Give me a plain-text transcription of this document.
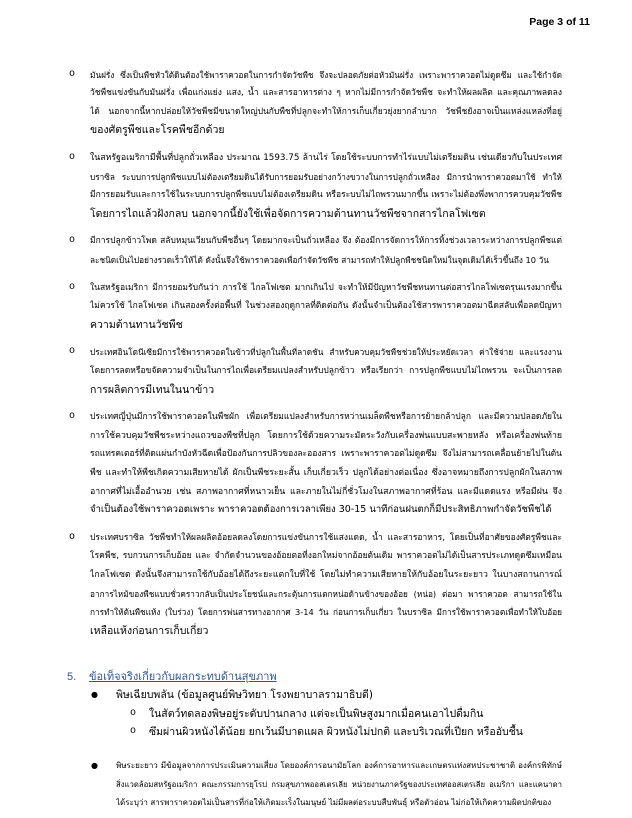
Page 3 of 11
o มันฝรั่ง ซึ่งเป็นพืชหัวใต้ดินต้องใช้พาราควอตในการกำจัดวัชพืช จึงจะปลอดภัยต่อหัวมันฝรั่ง เพราะพาราควอตไม่ดูดซึม และใช้กำจัด
วัชพืชแข่งขันกับมันฝรั่ง เพื่อแก่งแย่ง แสง, น้ำ และสารอาหารต่าง ๆ หากไม่มีการกำจัดวัชพืช จะทำให้ผลผลิต และคุณภาพลดลง
ได้ นอกจากนี้หากปล่อยให้วัชพืชมีขนาดใหญ่ปนกับพืชที่ปลูกจะทำให้การเก็บเกี่ยวยุ่งยากลำบาก วัชพืชยังอาจเป็นแหล่งแหล่งที่อยู่
ของศัตรูพืชและโรคพืชอีกด้วย
o ในสหรัฐอเมริกามีพื้นที่ปลูกถั่วเหลือง ประมาณ 1593.75 ล้านไร่ โดยใช้ระบบการทำไร่แบบไม่เตรียมดิน เช่นเดียวกับในประเทศ
บราซิล ระบบการปลูกพืชแบบไม่ต้องเตรียมดินได้รับการยอมรับอย่างกว้างขวางในการปลูกถั่วเหลือง มีการนำพาราควอตมาใช้ ทำให้
มีการยอมรับและการใช้ในระบบการปลูกพืชแบบไม่ต้องเตรียมดิน หรือระบบไม่ไถพรวนมากขึ้น เพราะไม่ต้องพึ่งพาการควบคุมวัชพืช
โดยการไถแล้วฝังกลบ นอกจากนี้ยังใช้เพื่อจัดการความต้านทานวัชพืชจากสารไกลโฟเซต
o มีการปลูกข้าวโพด สลับหมุนเวียนกับพืชอื่นๆ โดยมากจะเป็นถั่วเหลือง จึง ต้องมีการจัดการให้การทิ้งช่วงเวลาระหว่างการปลูกพืชแต่
ละชนิดเป็นไปอย่างรวดเร็วให้ได้ ดังนั้นจึงใช้พาราควอตเพื่อกำจัดวัชพืช สามารถทำให้ปลูกพืชชนิดใหม่ในจุดเดิมได้เร็วขึ้นถึง 10 วัน
o ในสหรัฐอเมริกา มีการยอมรับกันว่า การใช้ ไกลโฟเซต มากเกินไป จะทำให้มีปัญหาวัชพืชทนทานต่อสารไกลโฟเซตรุนแรงมากขึ้น
ไม่ควรใช้ ไกลโฟเซต เกินสองครั้งต่อพื้นที่ ในช่วงสองฤดูกาลที่ติดต่อกัน ดังนั้นจำเป็นต้องใช้สารพาราควอตมาฉีดสลับเพื่อลดปัญหา
ความต้านทานวัชพืช
o ประเทศอินโดนีเซียมีการใช้พาราควอตในข้าวที่ปลูกในพื้นที่ลาดชัน สำหรับควบคุมวัชพืชช่วยให้ประหยัดเวลา ค่าใช้จ่าย และแรงงาน
โดยการลดหรือขจัดความจำเป็นในการไถเพื่อเตรียมแปลงสำหรับปลูกข้าว หรือเรียกว่า การปลูกพืชแบบไม่ไถพรวน จะเป็นการลด
การผลิตการมีเทนในนาข้าว
o ประเทศญี่ปุ่นมีการใช้พาราควอตในพืชผัก เพื่อเตรียมแปลงสำหรับการหว่านเมล็ดพืชหรือการย้ายกล้าปลูก และมีความปลอดภัยใน
การใช้ควบคุมวัชพืชระหว่างแถวของพืชที่ปลูก โดยการใช้ด้วยความระมัดระวังกับเครื่องพ่นแบบสะพายหลัง หรือเครื่องพ่นท้าย
รถแทรคเตอร์ที่ติดแผ่นกำบังหัวฉีดเพื่อป้องกันการปลิวของละอองสาร เพราะพาราควอตไม่ดูดซึม จึงไม่สามารถเคลื่อนย้ายไปในต้น
พืช และทำให้พืชเกิดความเสียหายได้ ผักเป็นพืชระยะสั้น เก็บเกี่ยวเร็ว ปลูกได้อย่างต่อเนื่อง ซึ่งอาจหมายถึงการปลูกผักในสภาพ
อากาศที่ไม่เอื้ออำนวย เช่น สภาพอากาศที่หนาวเย็น และภายในไม่กี่ชั่วโมงในสภาพอากาศที่ร้อน และมีแดดแรง หรือมีฝน จึง
จำเป็นต้องใช้พาราควอตเพราะ พาราควอตต้องการเวลาเพียง 30-15 นาทีก่อนฝนตกก็มีประสิทธิภาพกำจัดวัชพืชได้
o ประเทศบราซิล วัชพืชทำให้ผลผลิตอ้อยลดลงโดยการแข่งขันการใช้แสงแดด, น้ำ และสารอาหาร, โดยเป็นที่อาศัยของศัตรูพืชและ
โรคพืช, รบกวนการเก็บอ้อย และ จำกัดจำนวนของอ้อยตอที่งอกใหม่จากอ้อยต้นเดิม พาราควอตไม่ได้เป็นสารประเภทดูดซึมเหมือน
ไกลโฟเซต ดังนั้นจึงสามารถใช้กับอ้อยได้ถึงระยะแตกใบที่ใช้ โดยไม่ทำความเสียหายให้กับอ้อยในระยะยาว ในบางสถานการณ์
อาการไหม้ของพืชแบบชั่วคราวกลับเป็นประโยชน์และกระตุ้นการแตกหน่อด้านข้างของอ้อย (หน่อ) ต่อมา พาราควอต สามารถใช้ใน
การทำให้ต้นพืชแห้ง (ใบร่วง) โดยการพ่นสารทางอากาศ 3-14 วัน ก่อนการเก็บเกี่ยว ในบราซิล มีการใช้พาราควอตเพื่อทำให้ใบอ้อย
เหลือแห้งก่อนการเก็บเกี่ยว
5. ข้อเท็จจริงเกี่ยวกับผลกระทบด้านสุขภาพ
● พิษเฉียบพลัน (ข้อมูลศูนย์พิษวิทยา โรงพยาบาลรามาธิบดี)
o ในสัตว์ทดลองพิษอยู่ระดับปานกลาง แต่จะเป็นพิษสูงมากเมื่อคนเอาไปดื่มกิน
o ซึมผ่านผิวหนังได้น้อย ยกเว้นมีบาดแผล ผิวหนังไม่ปกติ และบริเวณที่เปียก หรืออับชื้น
● พิษระยะยาว มีข้อมูลจากการประเมินความเสี่ยง โดยองค์การอนามัยโลก องค์การอาหารและเกษตรแห่งสหประชาชาติ องค์กรพิทักษ์
สิ่งแวดล้อมสหรัฐอเมริกา คณะกรรมการยุโรป กรมสุขภาพออสเตรเลีย หน่วยงานภาครัฐของประเทศออสเตรเลีย อเมริกา และแคนาดา
ได้ระบุว่า สารพาราควอตไม่เป็นสารที่ก่อให้เกิดมะเร็งในมนุษย์ ไม่มีผลต่อระบบสืบพันธุ์ หรือตัวอ่อน ไม่ก่อให้เกิดความผิดปกติของ
